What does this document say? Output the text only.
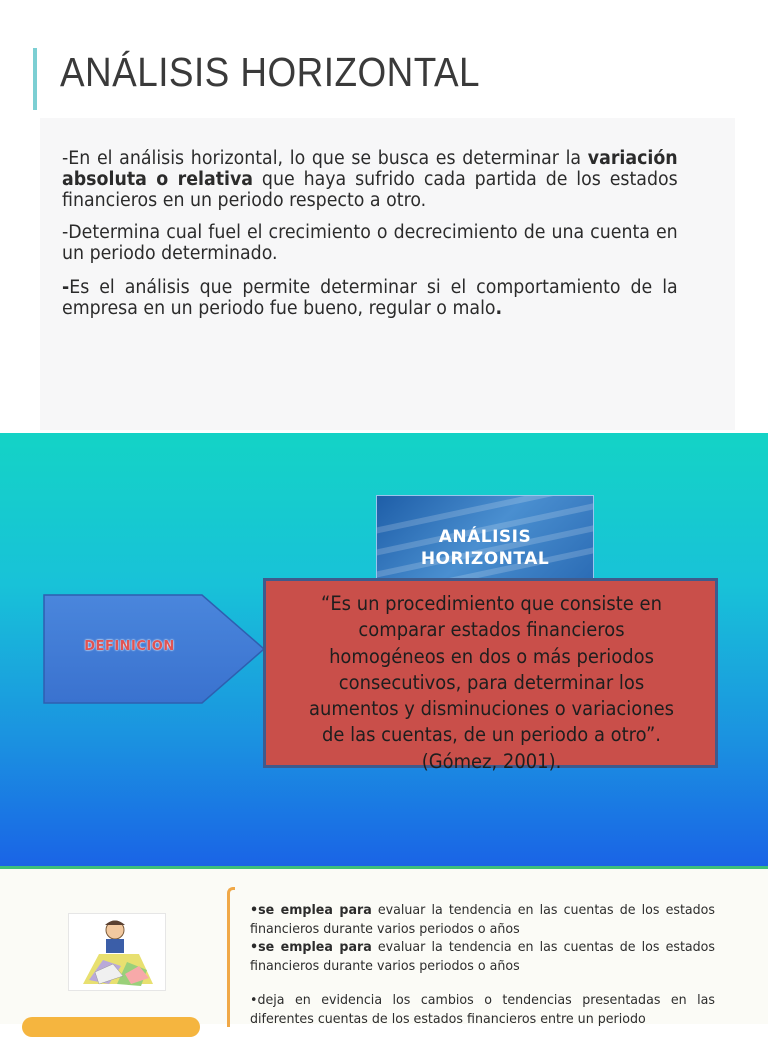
ANÁLISIS HORIZONTAL
-En el análisis horizontal, lo que se busca es determinar la variación absoluta o relativa que haya sufrido cada partida de los estados financieros en un periodo respecto a otro.
-Determina cual fuel el crecimiento o decrecimiento de una cuenta en un periodo determinado.
-Es el análisis que permite determinar si el comportamiento de la empresa en un periodo fue bueno, regular o malo.
ANÁLISIS
HORIZONTAL
DEFINICION
“Es un procedimiento que consiste en
comparar estados financieros
homogéneos en dos o más periodos
consecutivos, para determinar los
aumentos y disminuciones o variaciones
de las cuentas, de un periodo a otro”.
(Gómez, 2001).

•se emplea para evaluar la tendencia en las cuentas de los estados financieros durante varios periodos o años

•se emplea para evaluar la tendencia en las cuentas de los estados financieros durante varios periodos o años

•deja en evidencia los cambios o tendencias presentadas en las diferentes cuentas de los estados financieros entre un periodo
